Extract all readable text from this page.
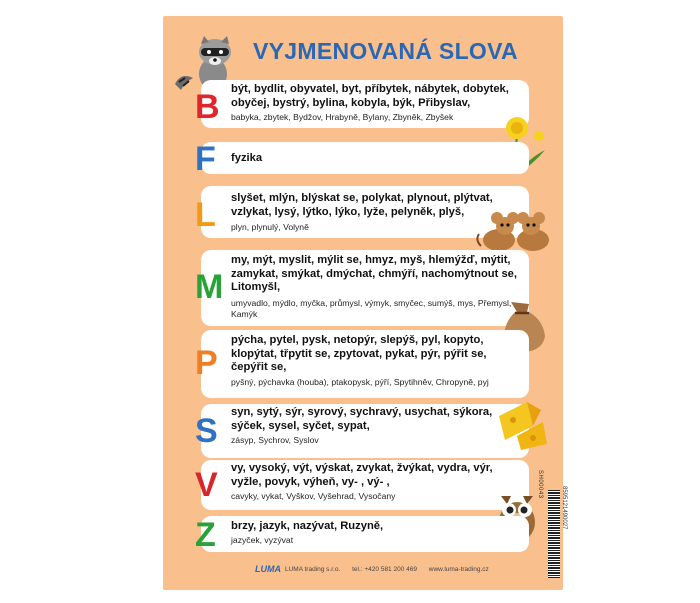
VYJMENOVANÁ SLOVA
B být, bydlit, obyvatel, byt, příbytek, nábytek, dobytek, obyčej, bystrý, bylina, kobyla, býk, Přibyslav,
babyka, zbytek, Bydžov, Hrabyně, Bylany, Zbyněk, Zbyšek
F fyzika
L slyšet, mlýn, blýskat se, polykat, plynout, plýtvat, vzlykat, lysý, lýtko, lýko, lyže, pelyněk, plyš,
plyn, plynulý, Volyně
M
my, mýt, myslit, mýlit se, hmyz, myš, hlemýžď, mýtit, zamykat, smýkat, dmýchat, chmýří, nachomýtnout se, Litomyšl,
umyvadlo, mýdlo, myčka, průmysl, výmyk, smyčec, sumýš, mys, Přemysl, Kamýk
P
pýcha, pytel, pysk, netopýr, slepýš, pyl, kopyto, klopýtat, třpytit se, zpytovat, pykat, pýr, pýřit se, čepýřit se,
pyšný, pýchavka (houba), ptakopysk, pýří, Spytihněv, Chropyně, pyj
S syn, sytý, sýr, syrový, sychravý, usychat, sýkora, sýček, sysel, syčet, sypat,
zásyp, Sychrov, Syslov
V vy, vysoký, výt, výskat, zvykat, žvýkat, vydra, výr, vyžle, povyk, výheň, vy- , vý- ,
cavyky, vykat, Vyškov, Vyšehrad, Vysočany
Z brzy, jazyk, nazývat, Ruzyně,
jazyček, vyzývat
SH00043
LUMA trading s.r.o. tel.: +420 581 200 469 www.luma-trading.cz
LUMA
8595121490027
